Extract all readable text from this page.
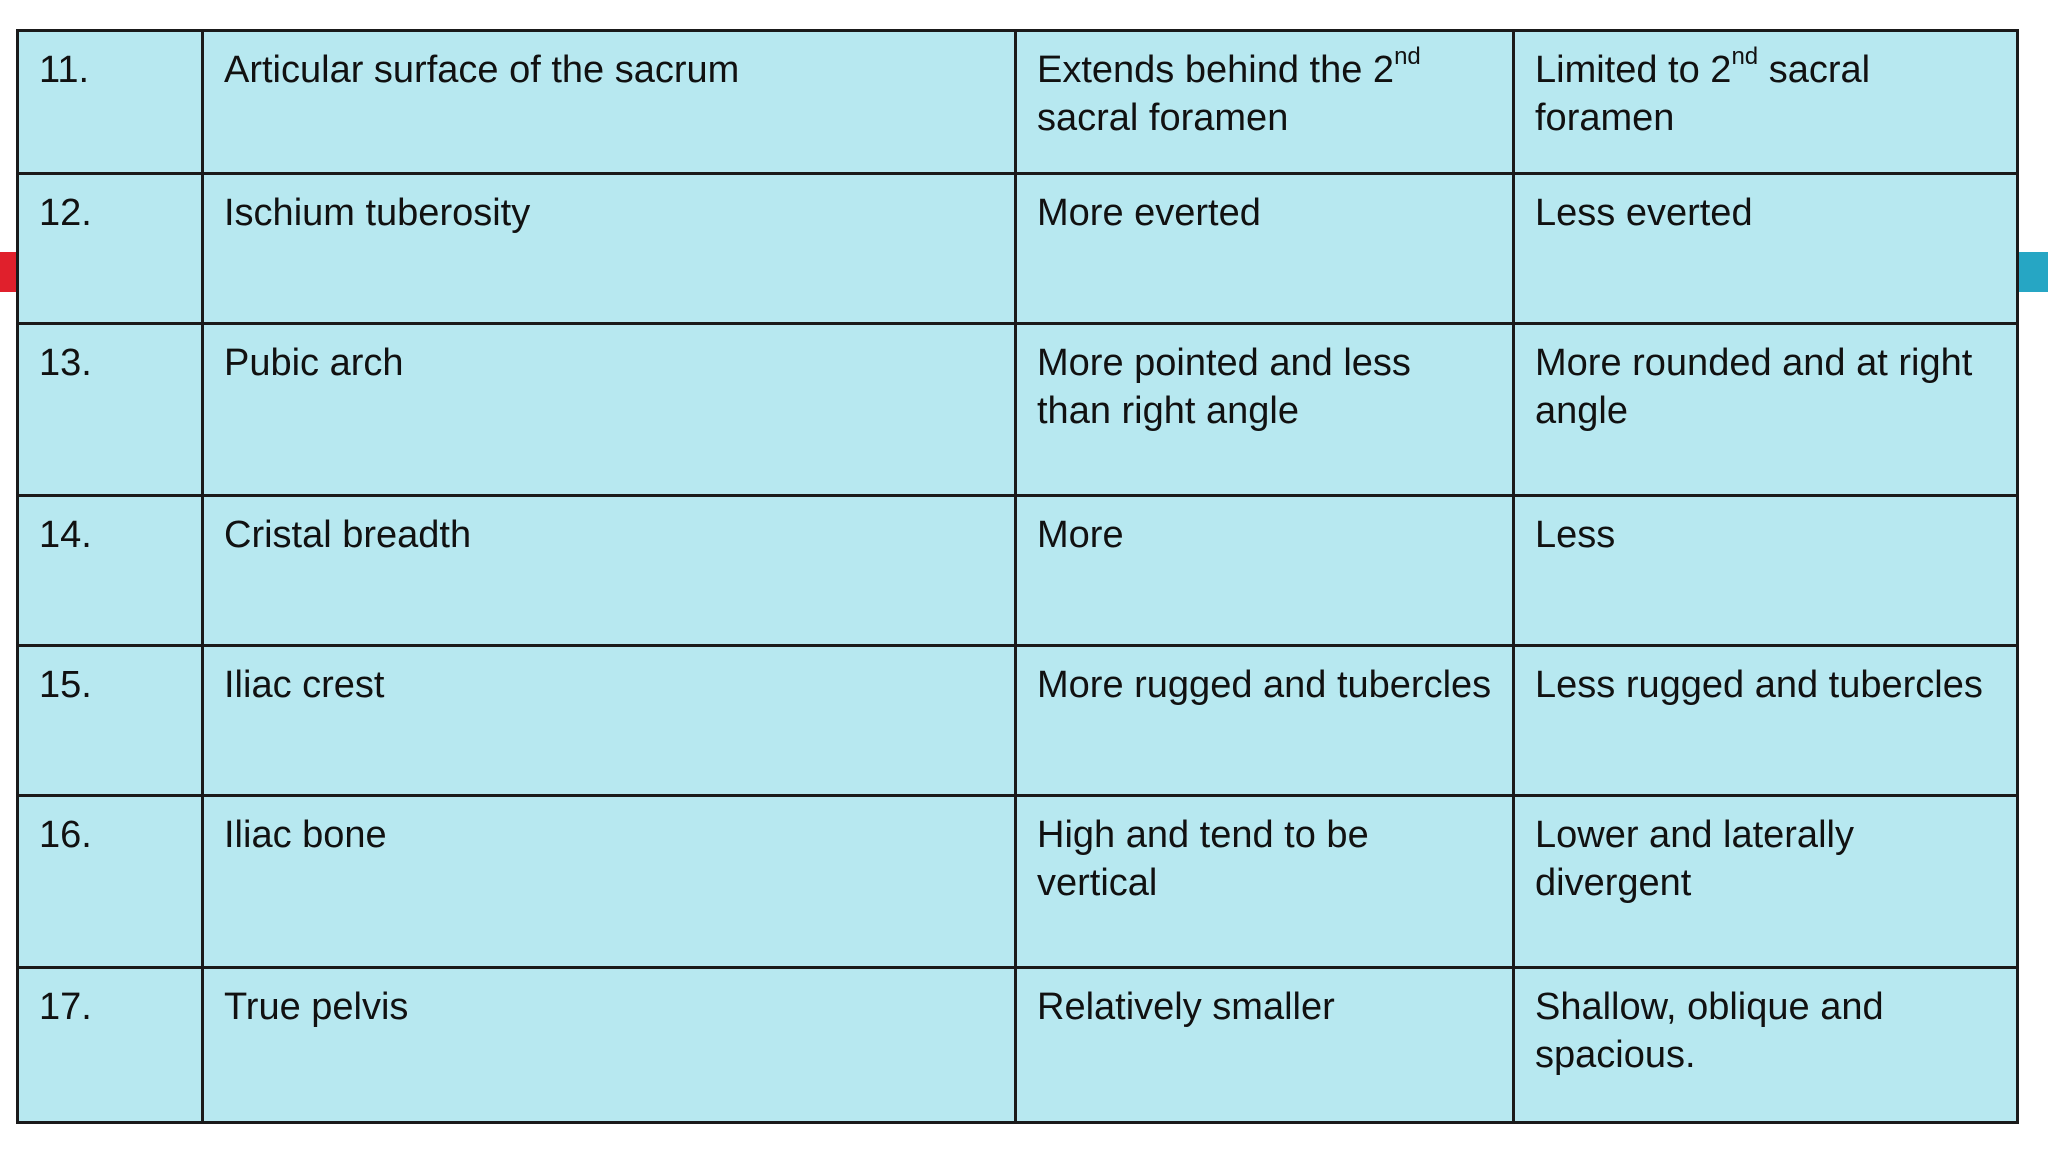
11.	Articular surface of the sacrum	Extends behind the 2nd sacral foramen	Limited to 2nd sacral foramen
12.	Ischium tuberosity	More everted	Less everted
13.	Pubic arch	More pointed and less than right angle	More rounded and at right angle
14.	Cristal breadth	More	Less
15.	Iliac crest	More rugged and tubercles	Less rugged and tubercles
16.	Iliac bone	High and tend to be vertical	Lower and laterally divergent
17.	True pelvis	Relatively smaller	Shallow, oblique and spacious.
